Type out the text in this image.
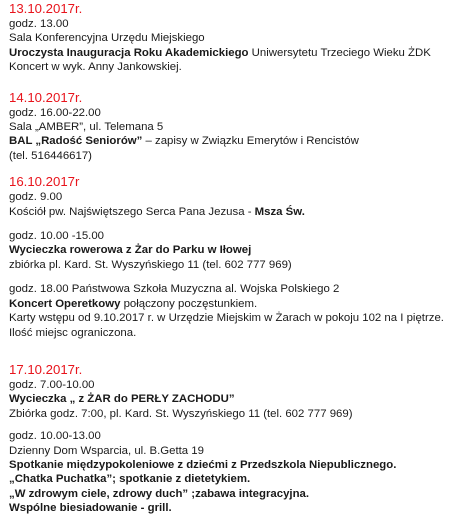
13.10.2017r.
godz. 13.00
Sala Konferencyjna Urzędu Miejskiego
Uroczysta Inauguracja Roku Akademickiego Uniwersytetu Trzeciego Wieku ŻDK
Koncert w wyk. Anny Jankowskiej.
14.10.2017r.
godz. 16.00-22.00
Sala „AMBER”, ul. Telemana 5
BAL „Radość Seniorów” – zapisy w Związku Emerytów i Rencistów
(tel. 516446617)
16.10.2017r
godz. 9.00
Kościół pw. Najświętszego Serca Pana Jezusa - Msza Św.
godz. 10.00 -15.00
Wycieczka rowerowa z Żar do Parku w Iłowej
zbiórka pl. Kard. St. Wyszyńskiego 11 (tel. 602 777 969)
godz. 18.00 Państwowa Szkoła Muzyczna al. Wojska Polskiego 2
Koncert Operetkowy połączony poczęstunkiem.
Karty wstępu od 9.10.2017 r. w Urzędzie Miejskim w Żarach w pokoju 102 na I piętrze.
Ilość miejsc ograniczona.
17.10.2017r.
godz. 7.00-10.00
Wycieczka „ z ŻAR do PERŁY ZACHODU”
Zbiórka godz. 7:00, pl. Kard. St. Wyszyńskiego 11 (tel. 602 777 969)
godz. 10.00-13.00
Dzienny Dom Wsparcia, ul. B.Getta 19
Spotkanie międzypokoleniowe z dziećmi z Przedszkola Niepublicznego.
„Chatka Puchatka”; spotkanie z dietetykiem.
„W zdrowym ciele, zdrowy duch” ;zabawa integracyjna.
Wspólne biesiadowanie - grill.
